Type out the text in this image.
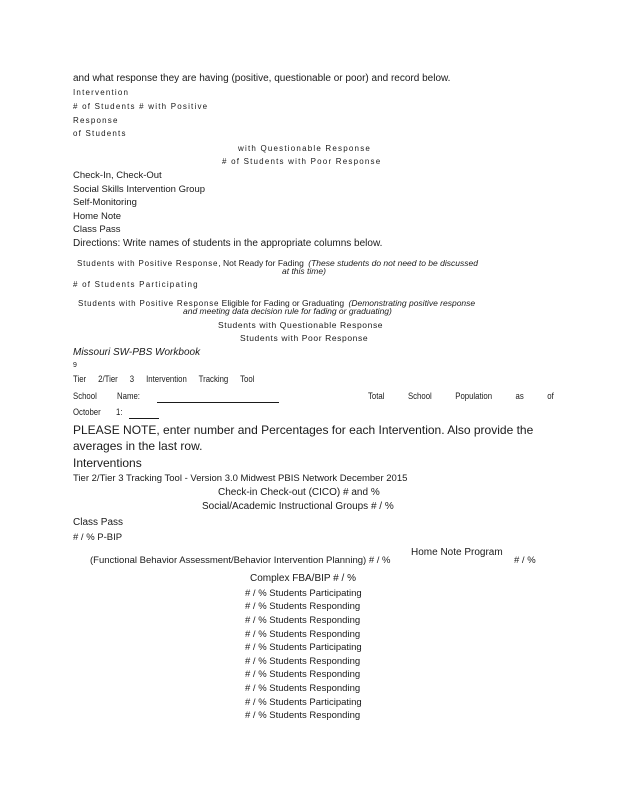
and what response they are having (positive, questionable or poor) and record below.
Intervention
# of Students # with Positive
Response
of Students
with Questionable Response
# of Students with Poor Response
Check-In, Check-Out
Social Skills Intervention Group
Self-Monitoring
Home Note
Class Pass
Directions: Write names of students in the appropriate columns below.
Students with Positive Response, Not Ready for Fading (These students do not need to be discussed
at this time)
# of Students Participating
Students with Positive Response Eligible for Fading or Graduating (Demonstrating positive response
and meeting data decision rule for fading or graduating)
Students with Questionable Response
Students with Poor Response
Missouri SW-PBS Workbook
9
Tier 2/Tier 3 Intervention Tracking Tool
School Name:	Total School Population as of
October 1:
PLEASE NOTE, enter number and Percentages for each Intervention. Also provide the
averages in the last row.
Interventions
Tier 2/Tier 3 Tracking Tool - Version 3.0 Midwest PBIS Network December 2015
Check-in Check-out (CICO) # and %
Social/Academic Instructional Groups # / %
Class Pass
# / % P-BIP
(Functional Behavior Assessment/Behavior Intervention Planning) # / %
Home Note Program
# / %
Complex FBA/BIP # / %
# / % Students Participating
# / % Students Responding
# / % Students Responding
# / % Students Responding
# / % Students Participating
# / % Students Responding
# / % Students Responding
# / % Students Responding
# / % Students Participating
# / % Students Responding
